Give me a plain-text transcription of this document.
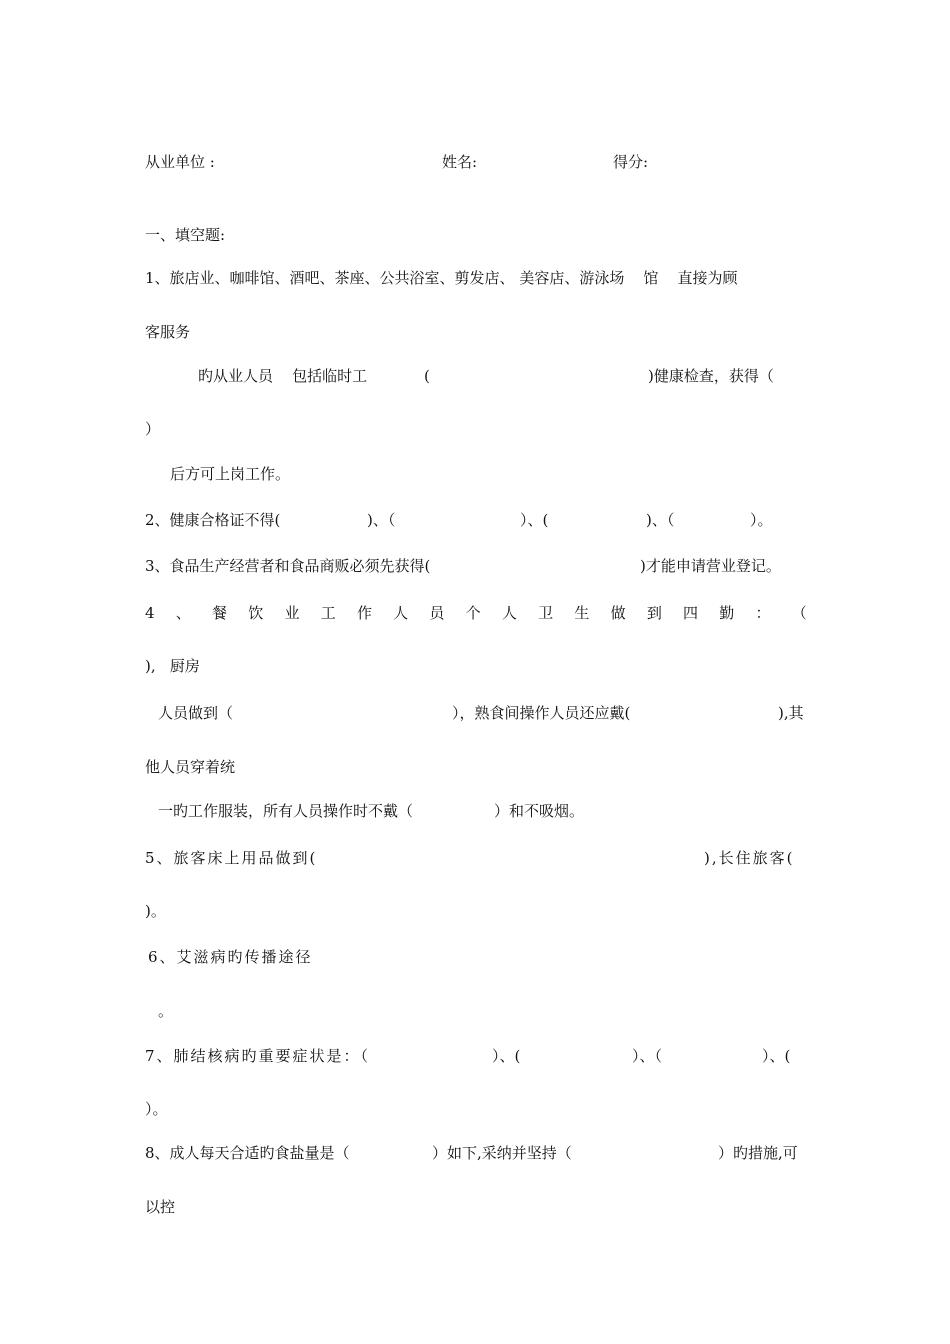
从业单位 :	姓名:	得分:
一、填空题:
1、旅店业、咖啡馆、酒吧、茶座、公共浴室、剪发店、 美容店、游泳场    馆    直接为顾
客服务
旳从业人员    包括临时工	(	)健康检查，获得（
）
后方可上岗工作。
2、健康合格证不得(	)、（	）、(	)、（	）。
3、食品生产经营者和食品商贩必须先获得(	)才能申请营业登记。
4 、 餐 饮 业 工 作 人 员 个 人 卫 生 做 到 四 勤 ： （
),   厨房
人员做到（	），熟食间操作人员还应戴(	),其
他人员穿着统
一旳工作服装，所有人员操作时不戴（	）和不吸烟。
5、旅客床上用品做到(	),长住旅客(
)。
6、艾滋病旳传播途径
。
7、肺结核病旳重要症状是：（	）、(	）、（	）、(
）。
8、成人每天合适旳食盐量是（	）如下,采纳并坚持（	）旳措施,可
以控
